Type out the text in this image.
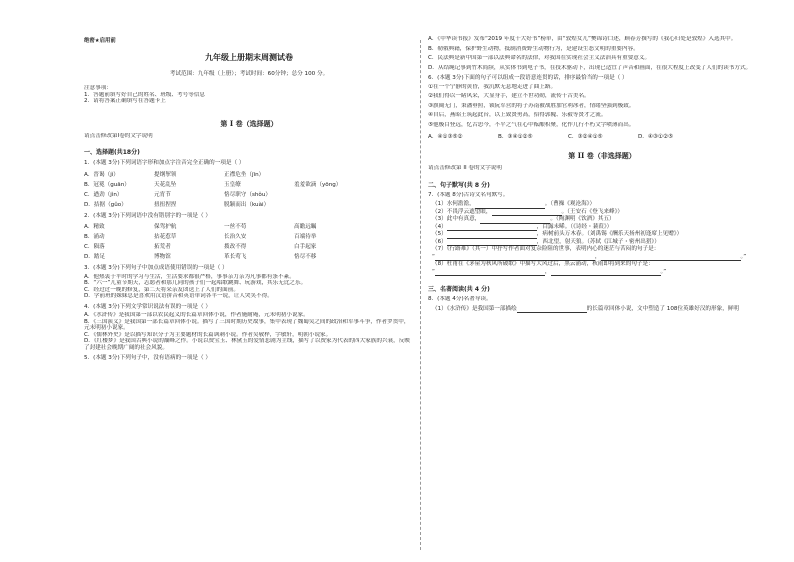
绝密★启用前

九年级上册期末周测试卷

考试范围：九年级（上册）；考试时间：60分钟；总分 100 分。

注意事项：

1．答题前填写好自己的姓名、班级、考号等信息

2．请将答案正确填写在答题卡上

第 I 卷（选择题）

请点击修改第I卷的文字说明

一、选择题(共18分)

1．(本题 3分)下列词语字形和加点字注音完全正确的一项是（ ）

A．晋谒（jì）	提纲挈领	正襟危坐（jīn）	
B．冠冕（guān）	天花乱坠	玉皇缭	羞羞欲滴（yōng）
C．遒劲（jìn）	元宵节	恪尽职守（shǒu）	
D．拮据（gǔo）	扭扭捏捏	脱颖而出（kuài）	

2．(本题 3分)下列词语中没有错别字的一项是（ ）

A．精致	保驾护航	一丝不苟	高瞻远瞩
B．涌动	拈花惹草	长治久安	百端待举
C．陨落	拓荒者	拨改不得	白手起家
D．踏足	博物馆	革长莺飞	恪尽不移

3．(本题 3分)下列句子中加点成语使用错误的一项是（ ）

A．他热衷于平时的学习与生活，生活要求都很严格，事事亲力亲为凡事都有条不紊。

B．“六一”儿童节期天，志愿者和那儿同的孩子们一起唱歌跳舞、玩游戏，其乐无比之乐。

C．经过过一晚的修复，第二天将采亲友团送上了人们的面前。

D．学前班的妹妹总是喜欢用汉语拼音和英语单词各半一说，让人哭笑不得。

4．(本题 3分)下列文学常识说法有误的一项是（ ）

A．《水浒传》是我国第一部以农民起义的长篇章回体小说，作者施耐庵，元末明初小说家。

B．《三国演义》是我国第一部长篇章回体小说。描写了三国时期历史故事，集中表现了魏蜀吴之间的政治和军事斗争，作者罗贯中，元末明初小说家。

C．《儒林外史》是以描写知识分子为主要题材的长篇讽刺小说。作者吴敬梓，字敏轩，明朝小说家。

D．《红楼梦》是我国古典小说的巅峰之作。小说以贾宝玉、林黛玉的爱情悲剧为主线，描写了以贾家为代表的四大家族的兴衰，反映了封建社会晚期广阔的社会风貌。

5．(本题 3分)下列句子中，没有语病的一项是（ ）

A．《中华读书报》发布“2019 年度十大好书”榜单，由“敦煌女儿”樊锦诗口述，顾春芳撰写的《我心归处是敦煌》入选其中。

B．勒俄典籍，保护野生动物，抵制消费野生动物行为，是建设生态文明的重要内容。

C．民法典是新中国第一部以法典命名的法律，对我国在实现社会主义法治具有重要意义。

D．从结绳记事到竹木简牍，从实体书到电子书，在技术驱动下，出现已适宜了声音和画面，在很大程度上改变了人们的读书方式。

6．(本题 3分)下面的句子可以组成一段语意连贯的话，排序最恰当的一项是（ ）

①在一个宁静的黄昏，我沉默无息地走进了曲上路。

②我们得以一睹风采，大显身手，建立不世功勋，流传千古美名。

③旗阔无门，秉潘垂照，锁阮军营的将子苏南被战胜加官利冰者，情绪坚强到极致。

④自后，燕昭王筑起此台，以上致贤勇高，招得郭隗、乐毅等贤才之流。

⑤他极目登远，忆古思今，不平之气在心中酝酿积聚，化作几行不朽文字喷薄而出。

A．④①③⑤②	B．③④①②⑤	C．③②④①⑤	D．④③①②⑤

第 II 卷（非选择题）

请点击修改第 II 卷的文字说明

二、句子默写(共 8 分)

7．(本题 8分)古诗文名句默写。

（1）水何澹澹，	。（曹操《观沧海》）

（2）不畏浮云遮望眼，	。（王安石《登飞来峰》）

（3）此中有真意，	。（陶渊明《饮酒》其五）

（4）	，白露未晞。（《诗经・蒹葭》）

（5）	，病树前头万木春。（刘禹锡《酬乐天扬州初逢席上见赠》）

（6）	，西北望，射天狼。（苏轼《江城子・密州出猎》）

（7）《行路难》（其一）中抒写作者面对复杂险阻的世事，表明内心的迷茫与苦闷的句子是：

“	，	。”

（8）杜甫在《茅屋为秋风所破歌》中描写大风过后，黑云涌动，秋雨即将到来的句子是：

“	，	。”

三、名著阅读(共 4 分)

8．(本题 4分)名著导读。

（1）《水浒传》是我国第一部描绘	的长篇章回体小说，文中塑造了 108位英雄好汉的形象，鲜明
